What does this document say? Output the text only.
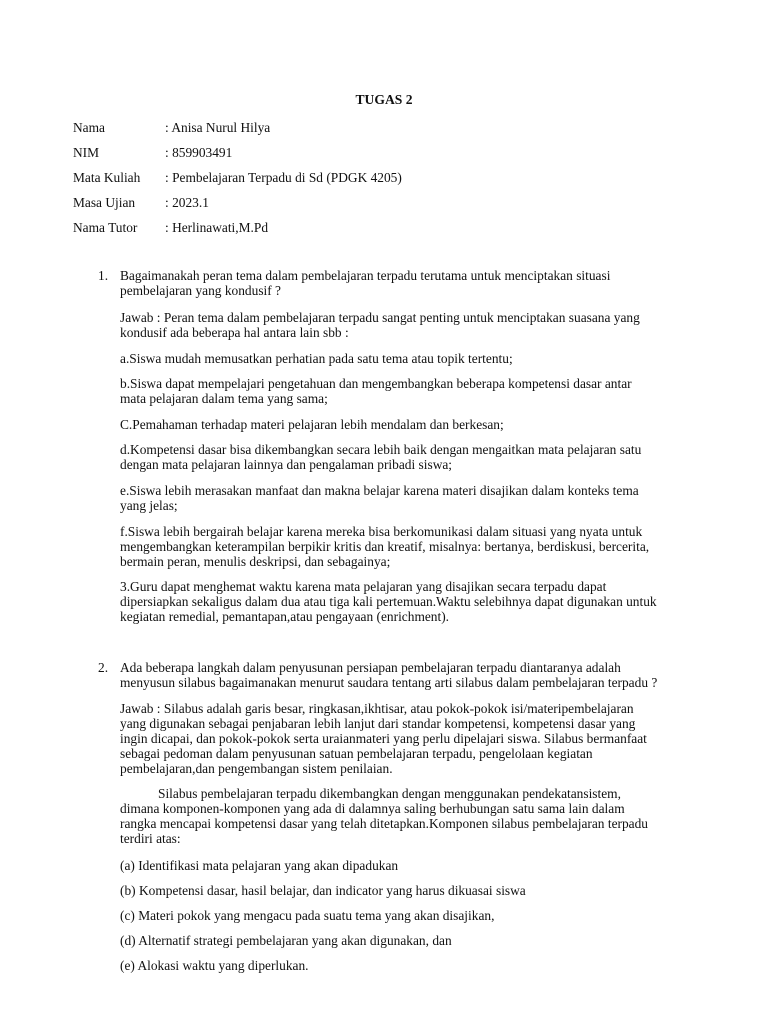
TUGAS 2
Nama	: Anisa Nurul Hilya
NIM	: 859903491
Mata Kuliah : Pembelajaran Terpadu di Sd (PDGK 4205)
Masa Ujian : 2023.1
Nama Tutor : Herlinawati,M.Pd
1. Bagaimanakah peran tema dalam pembelajaran terpadu terutama untuk menciptakan situasi
pembelajaran yang kondusif ?
Jawab : Peran tema dalam pembelajaran terpadu sangat penting untuk menciptakan suasana yang
kondusif ada beberapa hal antara lain sbb :
a.Siswa mudah memusatkan perhatian pada satu tema atau topik tertentu;
b.Siswa dapat mempelajari pengetahuan dan mengembangkan beberapa kompetensi dasar antar
mata pelajaran dalam tema yang sama;
C.Pemahaman terhadap materi pelajaran lebih mendalam dan berkesan;
d.Kompetensi dasar bisa dikembangkan secara lebih baik dengan mengaitkan mata pelajaran satu
dengan mata pelajaran lainnya dan pengalaman pribadi siswa;
e.Siswa lebih merasakan manfaat dan makna belajar karena materi disajikan dalam konteks tema
yang jelas;
f.Siswa lebih bergairah belajar karena mereka bisa berkomunikasi dalam situasi yang nyata untuk
mengembangkan keterampilan berpikir kritis dan kreatif, misalnya: bertanya, berdiskusi, bercerita,
bermain peran, menulis deskripsi, dan sebagainya;
3.Guru dapat menghemat waktu karena mata pelajaran yang disajikan secara terpadu dapat
dipersiapkan sekaligus dalam dua atau tiga kali pertemuan.Waktu selebihnya dapat digunakan untuk
kegiatan remedial, pemantapan,atau pengayaan (enrichment).
2. Ada beberapa langkah dalam penyusunan persiapan pembelajaran terpadu diantaranya adalah
menyusun silabus bagaimanakan menurut saudara tentang arti silabus dalam pembelajaran terpadu ?
Jawab : Silabus adalah garis besar, ringkasan,ikhtisar, atau pokok-pokok isi/materipembelajaran
yang digunakan sebagai penjabaran lebih lanjut dari standar kompetensi, kompetensi dasar yang
ingin dicapai, dan pokok-pokok serta uraianmateri yang perlu dipelajari siswa. Silabus bermanfaat
sebagai pedoman dalam penyusunan satuan pembelajaran terpadu, pengelolaan kegiatan
pembelajaran,dan pengembangan sistem penilaian.
Silabus pembelajaran terpadu dikembangkan dengan menggunakan pendekatansistem,
dimana komponen-komponen yang ada di dalamnya saling berhubungan satu sama lain dalam
rangka mencapai kompetensi dasar yang telah ditetapkan.Komponen silabus pembelajaran terpadu
terdiri atas:
(a) Identifikasi mata pelajaran yang akan dipadukan
(b) Kompetensi dasar, hasil belajar, dan indicator yang harus dikuasai siswa
(c) Materi pokok yang mengacu pada suatu tema yang akan disajikan,
(d) Alternatif strategi pembelajaran yang akan digunakan, dan
(e) Alokasi waktu yang diperlukan.
